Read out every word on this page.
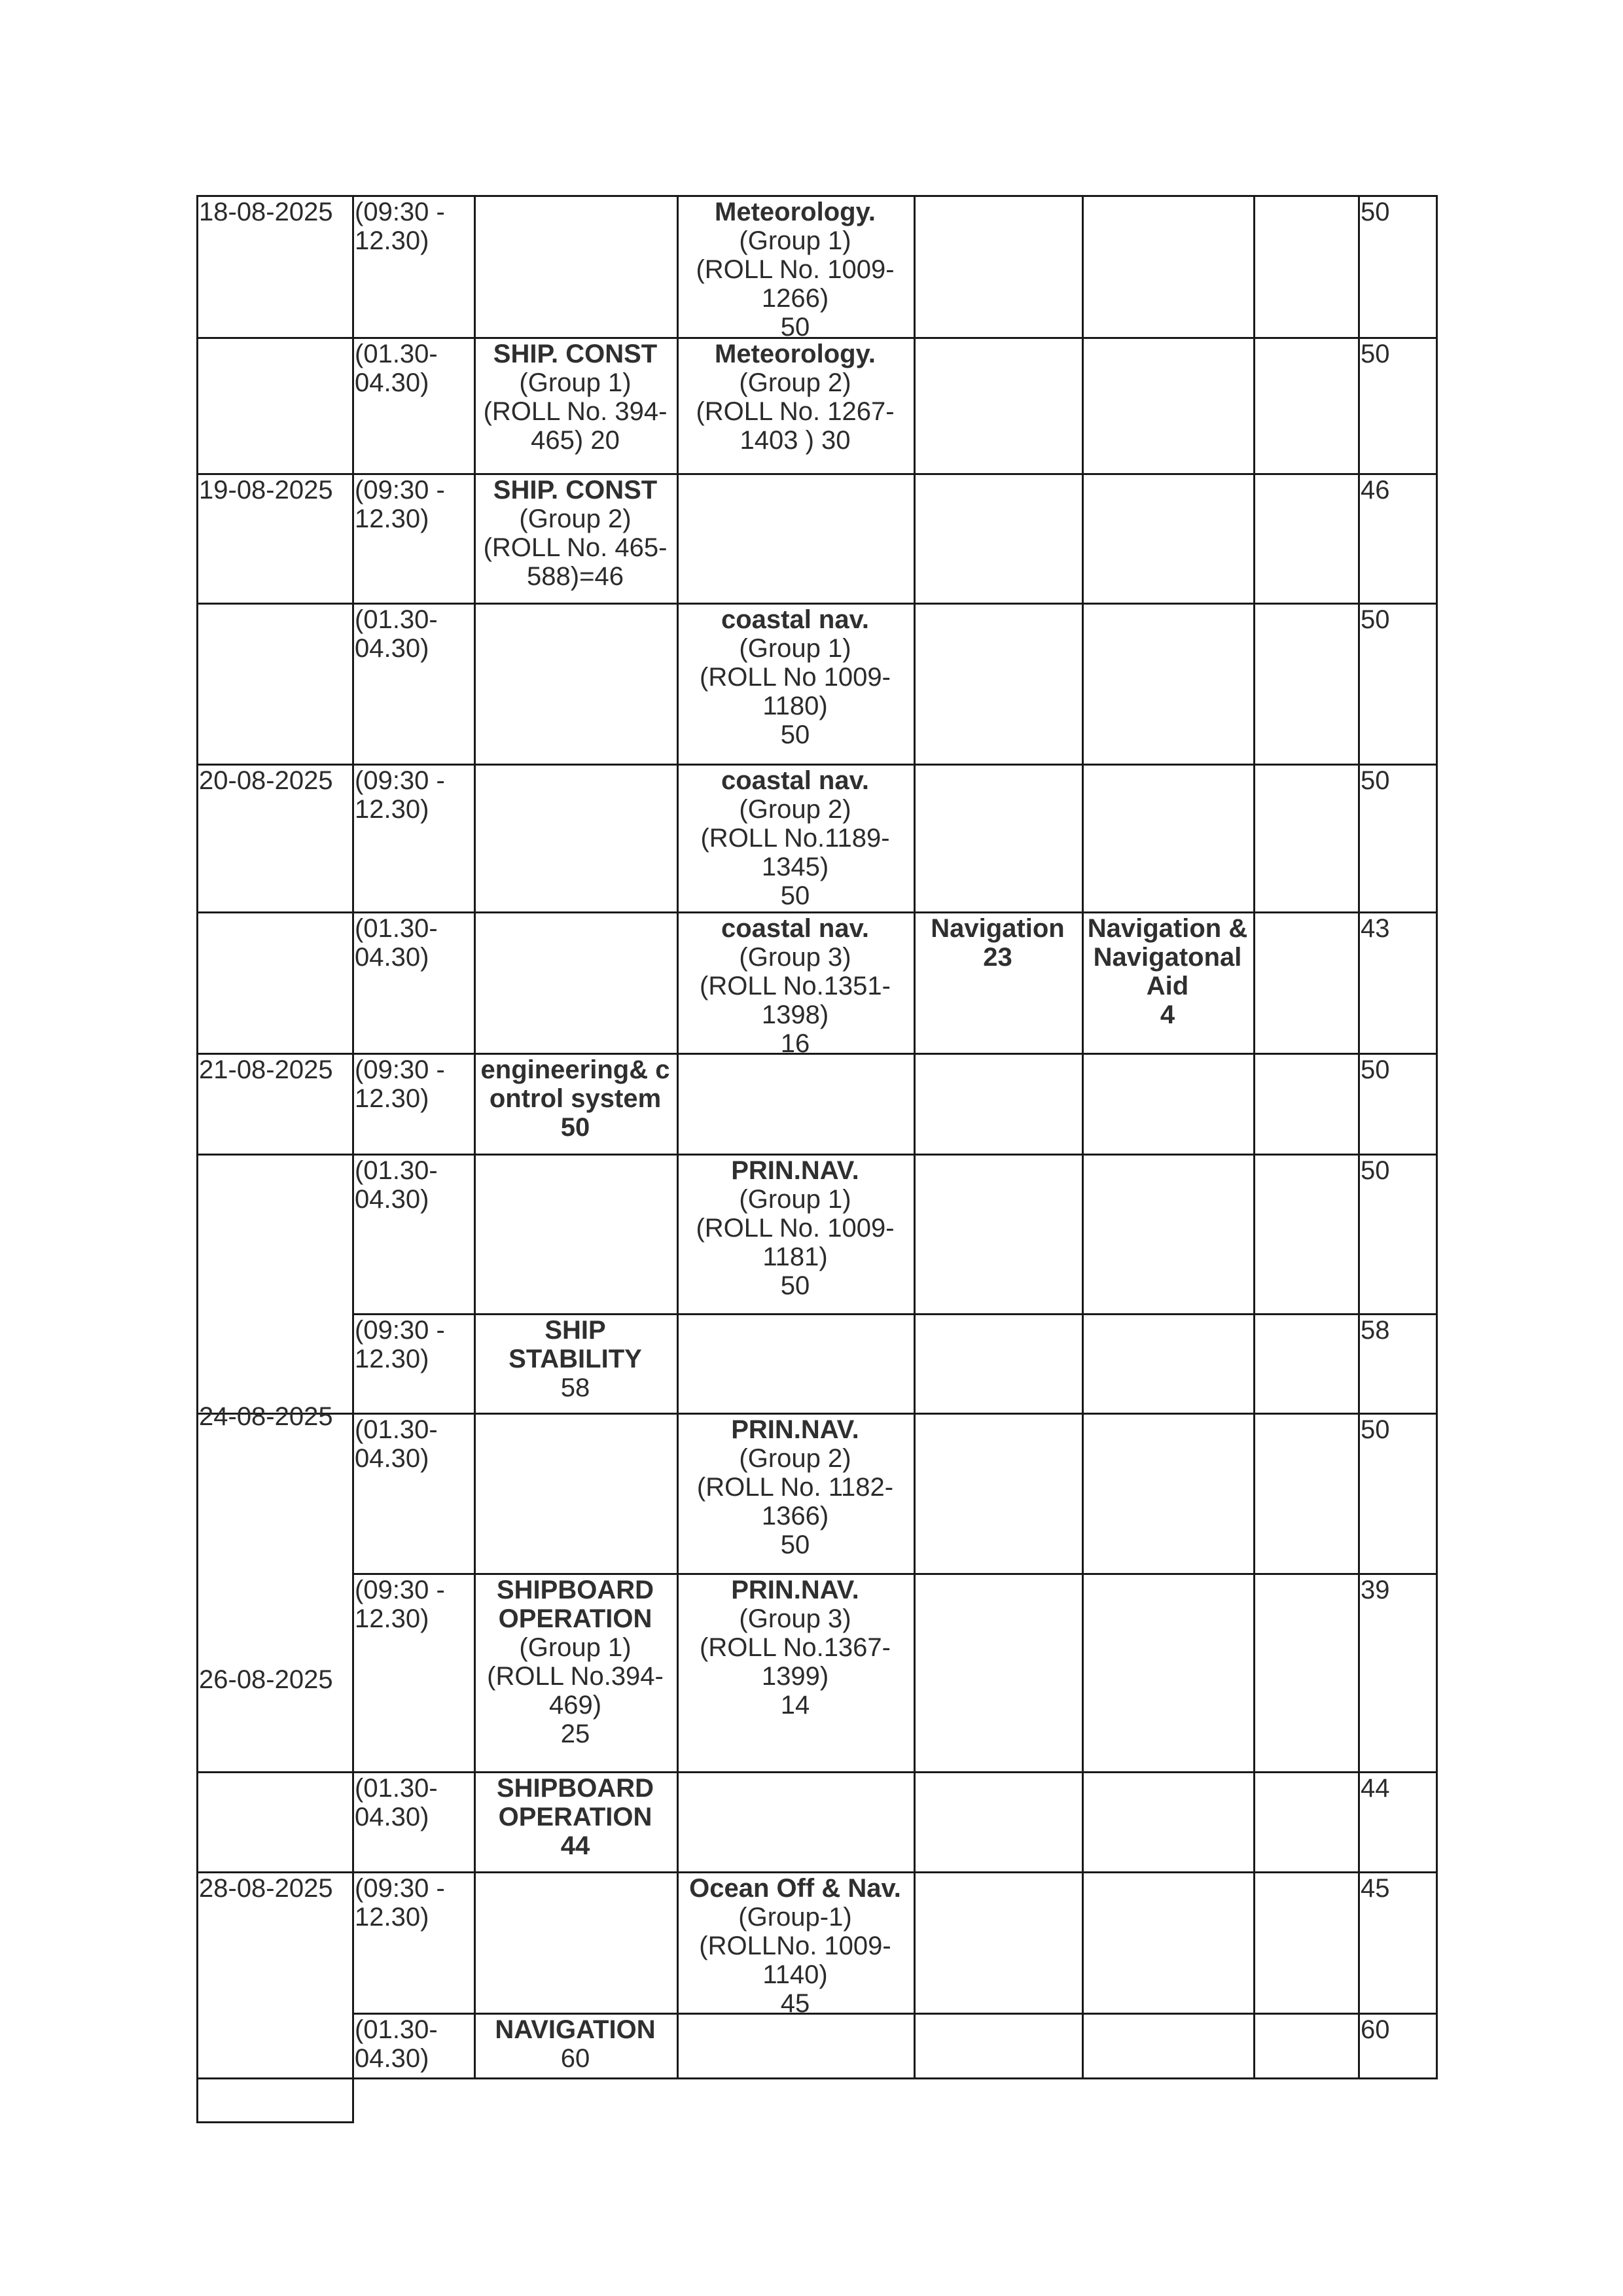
18-08-2025 (09:30 -
12.30)
Meteorology.
(Group 1)
(ROLL No. 1009-
1266)
50
50
(01.30-
04.30)
SHIP. CONST
(Group 1)
(ROLL No. 394-
465) 20
Meteorology.
(Group 2)
(ROLL No. 1267-
1403 ) 30
50
19-08-2025 (09:30 -
12.30)
SHIP. CONST
(Group 2)
(ROLL No. 465-
588)=46
46
(01.30-
04.30)
coastal nav.
(Group 1)
(ROLL No 1009-
1180)
50
50
20-08-2025 (09:30 -
12.30)
coastal nav.
(Group 2)
(ROLL No.1189-
1345)
50
50
(01.30-
04.30)
coastal nav.
(Group 3)
(ROLL No.1351-
1398)
16
Navigation
23
Navigation &
Navigatonal
Aid
4
43
21-08-2025 (09:30 -
12.30)
engineering& c
ontrol system
50
50
(01.30-
04.30)
PRIN.NAV.
(Group 1)
(ROLL No. 1009-
1181)
50
50
(09:30 -
12.30)
SHIP
STABILITY
58
58
(01.30-
04.30)
PRIN.NAV.
(Group 2)
(ROLL No. 1182-
1366)
50
50
(09:30 -
12.30)
SHIPBOARD
OPERATION
(Group 1)
(ROLL No.394-
469)
25
PRIN.NAV.
(Group 3)
(ROLL No.1367-
1399)
14
39
(01.30-
04.30)
SHIPBOARD
OPERATION
44
44
28-08-2025 (09:30 -
12.30)
Ocean Off & Nav.
(Group-1)
(ROLLNo. 1009-
1140)
45
45
(01.30-
04.30)
NAVIGATION
60
60
24-08-2025
26-08-2025
